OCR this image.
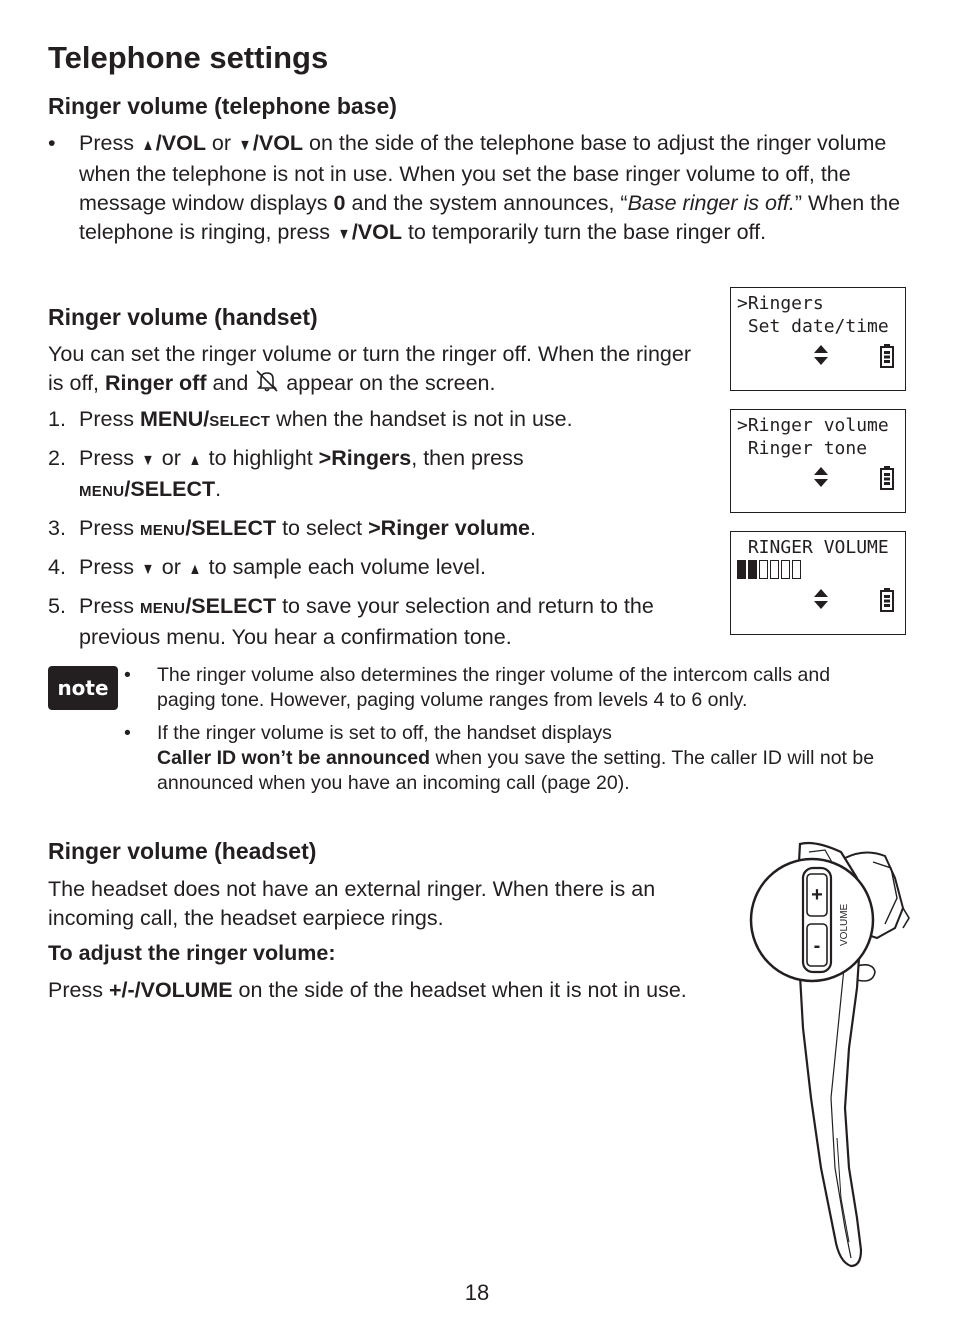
Telephone settings
Ringer volume (telephone base)
• Press ▲/VOL or ▼/VOL on the side of the telephone base to adjust the ringer volume when the telephone is not in use. When you set the base ringer volume to off, the message window displays 0 and the system announces, “Base ringer is off.” When the telephone is ringing, press ▼/VOL to temporarily turn the base ringer off.
Ringer volume (handset)
You can set the ringer volume or turn the ringer off. When the ringer is off, Ringer off and  appear on the screen.
1. Press MENU/SELECT when the handset is not in use.
2. Press ▼ or ▲ to highlight >Ringers, then press
MENU/SELECT.
3. Press MENU/SELECT to select >Ringer volume.
4. Press ▼ or ▲ to sample each volume level.
5. Press MENU/SELECT to save your selection and return to the previous menu. You hear a confirmation tone.
>Ringers
Set date/time
>Ringer volume
Ringer tone
RINGER VOLUME
note
• The ringer volume also determines the ringer volume of the intercom calls and paging tone. However, paging volume ranges from levels 4 to 6 only.
• If the ringer volume is set to off, the handset displays
Caller ID won’t be announced when you save the setting. The caller ID will not be announced when you have an incoming call (page 20).
Ringer volume (headset)
The headset does not have an external ringer. When there is an incoming call, the headset earpiece rings.
To adjust the ringer volume:
Press +/-/VOLUME on the side of the headset when it is not in use.
+
- VOLUME
18
